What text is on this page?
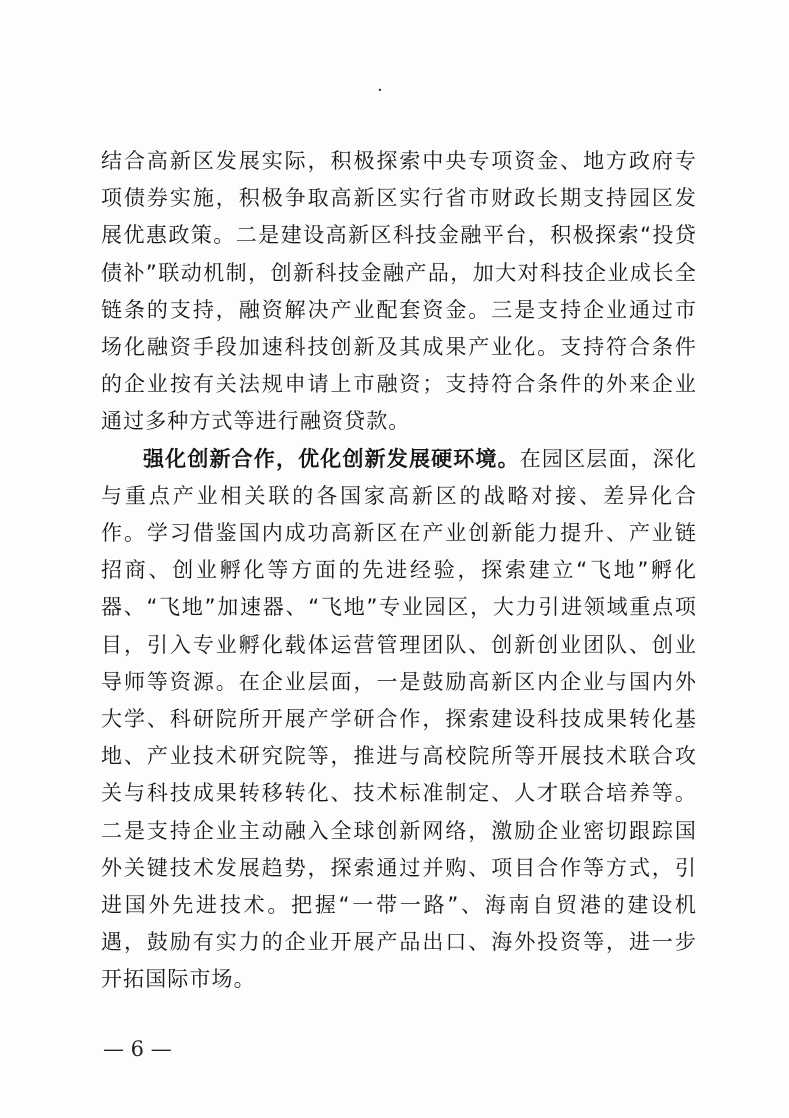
·

结合高新区发展实际，积极探索中央专项资金、地方政府专项债券实施，积极争取高新区实行省市财政长期支持园区发展优惠政策。二是建设高新区科技金融平台，积极探索“投贷债补”联动机制，创新科技金融产品，加大对科技企业成长全链条的支持，融资解决产业配套资金。三是支持企业通过市场化融资手段加速科技创新及其成果产业化。支持符合条件的企业按有关法规申请上市融资；支持符合条件的外来企业通过多种方式等进行融资贷款。

强化创新合作，优化创新发展硬环境。在园区层面，深化与重点产业相关联的各国家高新区的战略对接、差异化合作。学习借鉴国内成功高新区在产业创新能力提升、产业链招商、创业孵化等方面的先进经验，探索建立“飞地”孵化器、“飞地”加速器、“飞地”专业园区，大力引进领域重点项目，引入专业孵化载体运营管理团队、创新创业团队、创业导师等资源。在企业层面，一是鼓励高新区内企业与国内外大学、科研院所开展产学研合作，探索建设科技成果转化基地、产业技术研究院等，推进与高校院所等开展技术联合攻关与科技成果转移转化、技术标准制定、人才联合培养等。二是支持企业主动融入全球创新网络，激励企业密切跟踪国外关键技术发展趋势，探索通过并购、项目合作等方式，引进国外先进技术。把握“一带一路”、海南自贸港的建设机遇，鼓励有实力的企业开展产品出口、海外投资等，进一步开拓国际市场。

— 6 —
